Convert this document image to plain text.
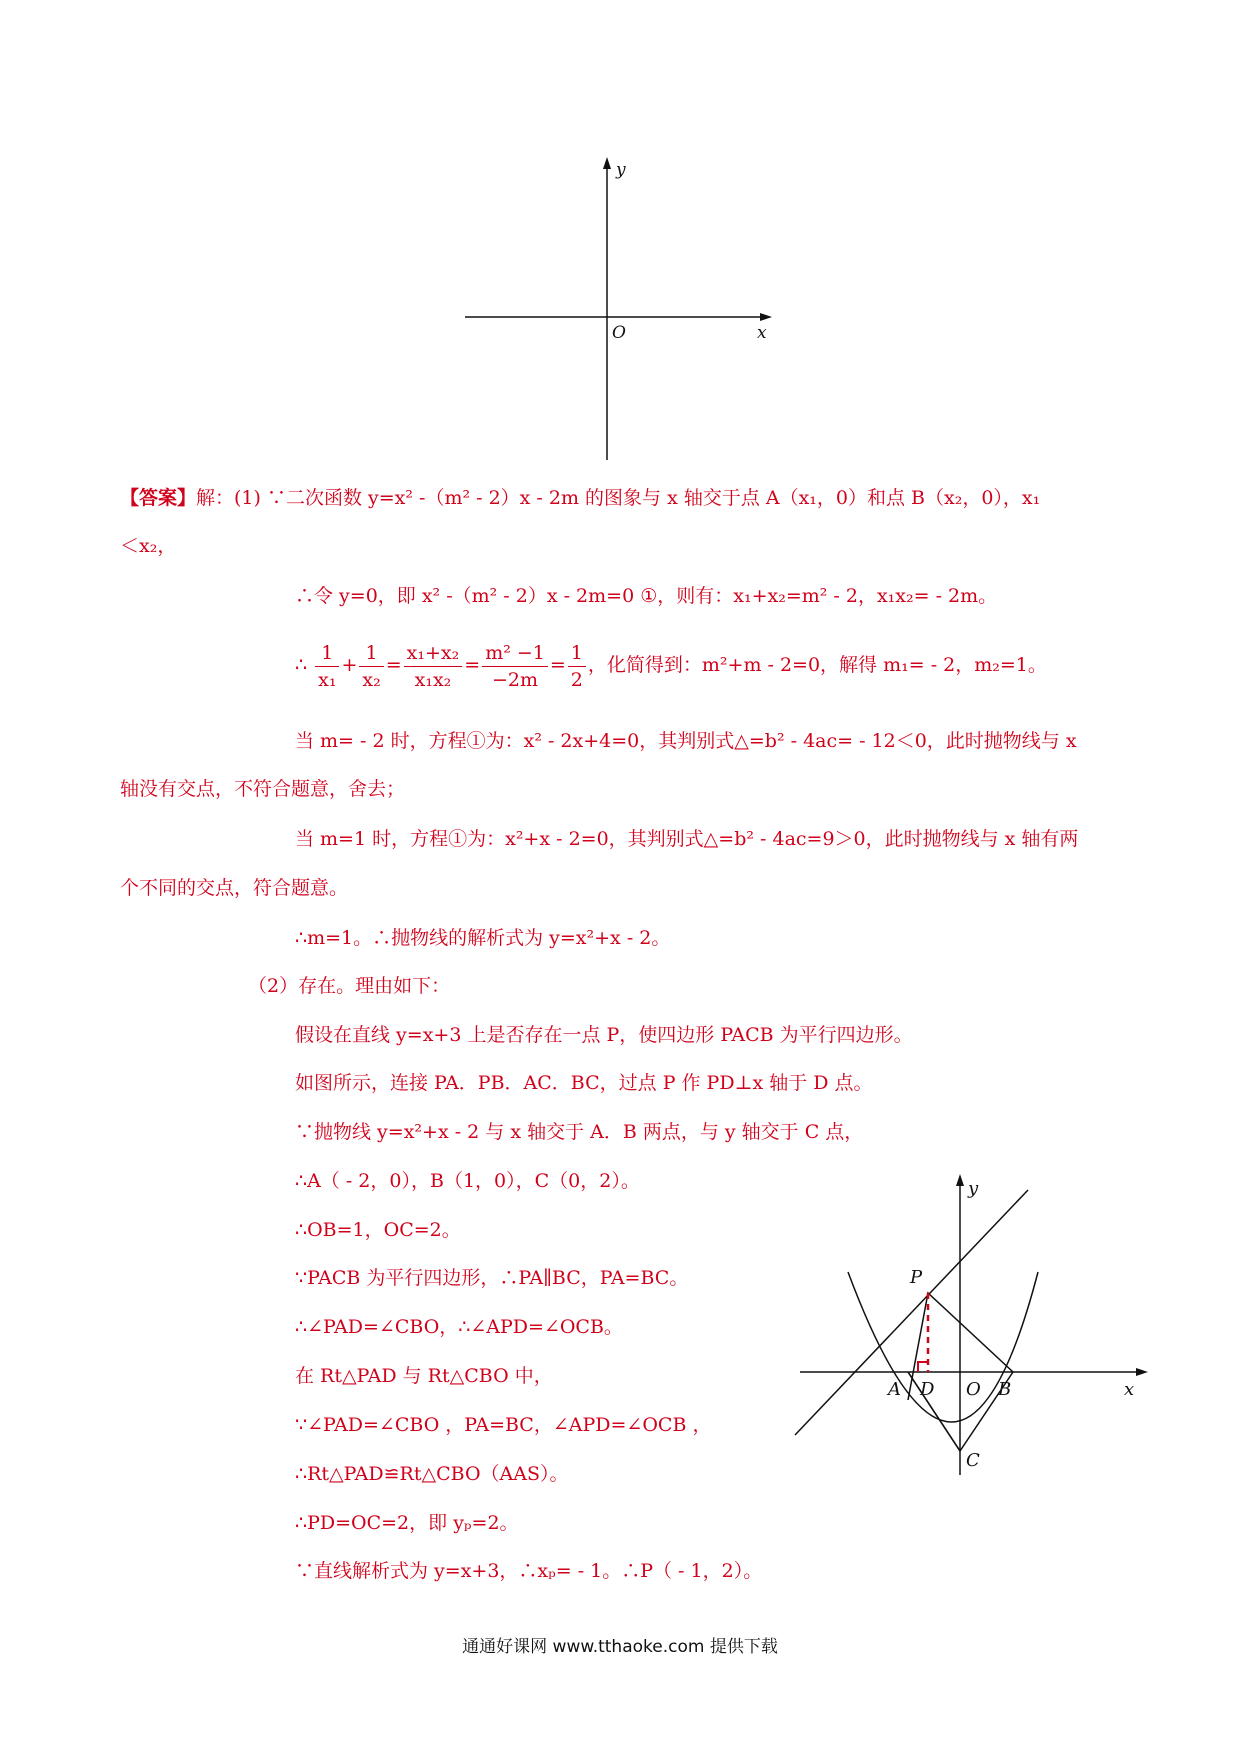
y
x
O
【答案】解：(1) ∵二次函数 y=x² -（m² - 2）x - 2m 的图象与 x 轴交于点 A（x₁，0）和点 B（x₂，0），x₁
＜x₂，
∴令 y=0，即 x² -（m² - 2）x - 2m=0 ①，则有：x₁+x₂=m² - 2，x₁x₂= - 2m。
∴ $\frac{1}{\text{x₁}} + \frac{1}{\text{x₂}} = \frac{\text{x₁+x₂}}{\text{x₁x₂}} = \frac{\text{m² −1}}{-2m} = \frac{1}{2}$ ，化简得到：m²+m - 2=0，解得 m₁= - 2，m₂=1。
当 m= - 2 时，方程①为：x² - 2x+4=0，其判别式△=b² - 4ac= - 12＜0，此时抛物线与 x
轴没有交点，不符合题意，舍去；
当 m=1 时，方程①为：x²+x - 2=0，其判别式△=b² - 4ac=9＞0，此时抛物线与 x 轴有两
个不同的交点，符合题意。
∴m=1。∴抛物线的解析式为 y=x²+x - 2。
（2）存在。理由如下：
假设在直线 y=x+3 上是否存在一点 P，使四边形 PACB 为平行四边形。
如图所示，连接 PA．PB．AC．BC，过点 P 作 PD⊥x 轴于 D 点。
∵抛物线 y=x²+x - 2 与 x 轴交于 A．B 两点，与 y 轴交于 C 点，
∴A（ - 2，0），B（1，0），C（0，2）。
∴OB=1，OC=2。
∵PACB 为平行四边形，∴PA∥BC，PA=BC。
∴∠PAD=∠CBO，∴∠APD=∠OCB。
在 Rt△PAD 与 Rt△CBO 中，
∵∠PAD=∠CBO ，PA=BC，∠APD=∠OCB ，
∴Rt△PAD≌Rt△CBO（AAS）。
∴PD=OC=2，即 yₚ=2。
∵直线解析式为 y=x+3，∴xₚ= - 1。∴P（ - 1，2）。
y
x
P
A D O B
C
通通好课网 www.tthaoke.com 提供下载
